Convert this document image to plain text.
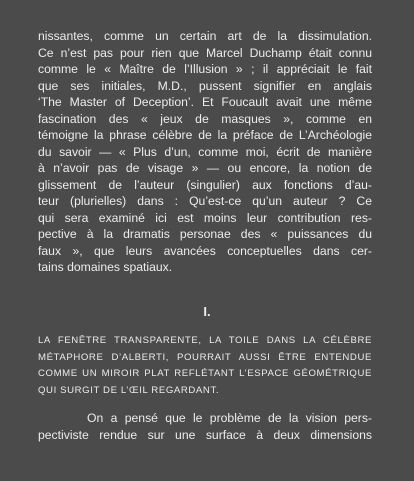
nissantes, comme un certain art de la dissimulation.
Ce n’est pas pour rien que Marcel Duchamp était connu
comme le « Maître de l’Illusion » ; il appréciait le fait
que ses initiales, M.D., pussent signifier en anglais
‘The Master of Deception’. Et Foucault avait une même
fascination des « jeux de masques », comme en
témoigne la phrase célèbre de la préface de L’Archéologie
du savoir — « Plus d’un, comme moi, écrit de manière
à n’avoir pas de visage » — ou encore, la notion de
glissement de l’auteur (singulier) aux fonctions d’au-
teur (plurielles) dans : Qu’est-ce qu’un auteur ? Ce
qui sera examiné ici est moins leur contribution res-
pective à la dramatis personae des « puissances du
faux », que leurs avancées conceptuelles dans cer-
tains domaines spatiaux.
I.
LA FENÊTRE TRANSPARENTE, LA TOILE DANS LA CÉLÈBRE
MÉTAPHORE D’ALBERTI, POURRAIT AUSSI ÊTRE ENTENDUE
COMME UN MIROIR PLAT REFLÉTANT L’ESPACE GÉOMÉTRIQUE
QUI SURGIT DE L’ŒIL REGARDANT.
On a pensé que le problème de la vision pers-
pectiviste rendue sur une surface à deux dimensions
